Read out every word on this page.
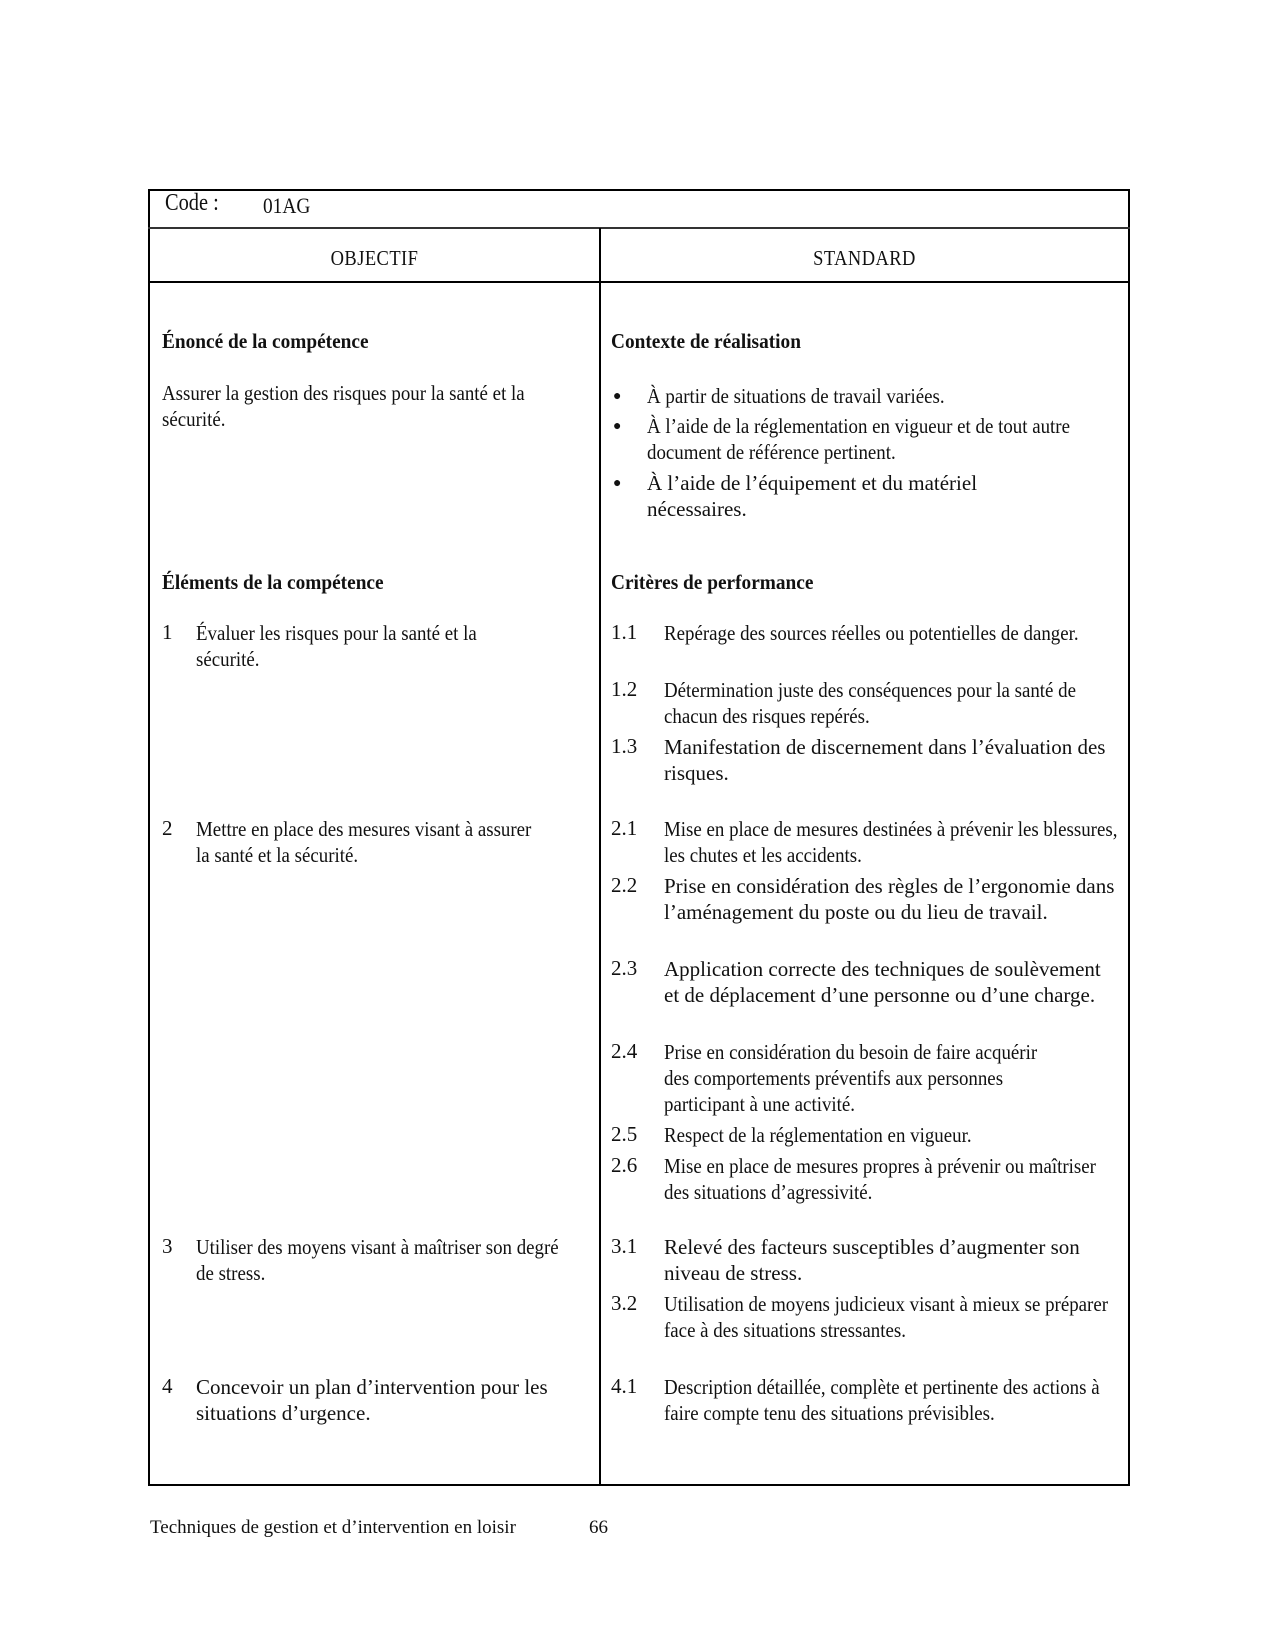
Code : 01AG
OBJECTIF	STANDARD
Énoncé de la compétence
Assurer la gestion des risques pour la santé et la sécurité.
Éléments de la compétence
1 Évaluer les risques pour la santé et la sécurité.
2 Mettre en place des mesures visant à assurer la santé et la sécurité.
3 Utiliser des moyens visant à maîtriser son degré de stress.
4 Concevoir un plan d’intervention pour les situations d’urgence.
Contexte de réalisation
● À partir de situations de travail variées.
● À l’aide de la réglementation en vigueur et de tout autre document de référence pertinent.
● À l’aide de l’équipement et du matériel nécessaires.
Critères de performance
1.1 Repérage des sources réelles ou potentielles de danger.
1.2 Détermination juste des conséquences pour la santé de chacun des risques repérés.
1.3 Manifestation de discernement dans l’évaluation des risques.
2.1 Mise en place de mesures destinées à prévenir les blessures, les chutes et les accidents.
2.2 Prise en considération des règles de l’ergonomie dans l’aménagement du poste ou du lieu de travail.
2.3 Application correcte des techniques de soulèvement et de déplacement d’une personne ou d’une charge.
2.4 Prise en considération du besoin de faire acquérir des comportements préventifs aux personnes participant à une activité.
2.5 Respect de la réglementation en vigueur.
2.6 Mise en place de mesures propres à prévenir ou maîtriser des situations d’agressivité.
3.1 Relevé des facteurs susceptibles d’augmenter son niveau de stress.
3.2 Utilisation de moyens judicieux visant à mieux se préparer face à des situations stressantes.
4.1 Description détaillée, complète et pertinente des actions à faire compte tenu des situations prévisibles.
Techniques de gestion et d’intervention en loisir	66
